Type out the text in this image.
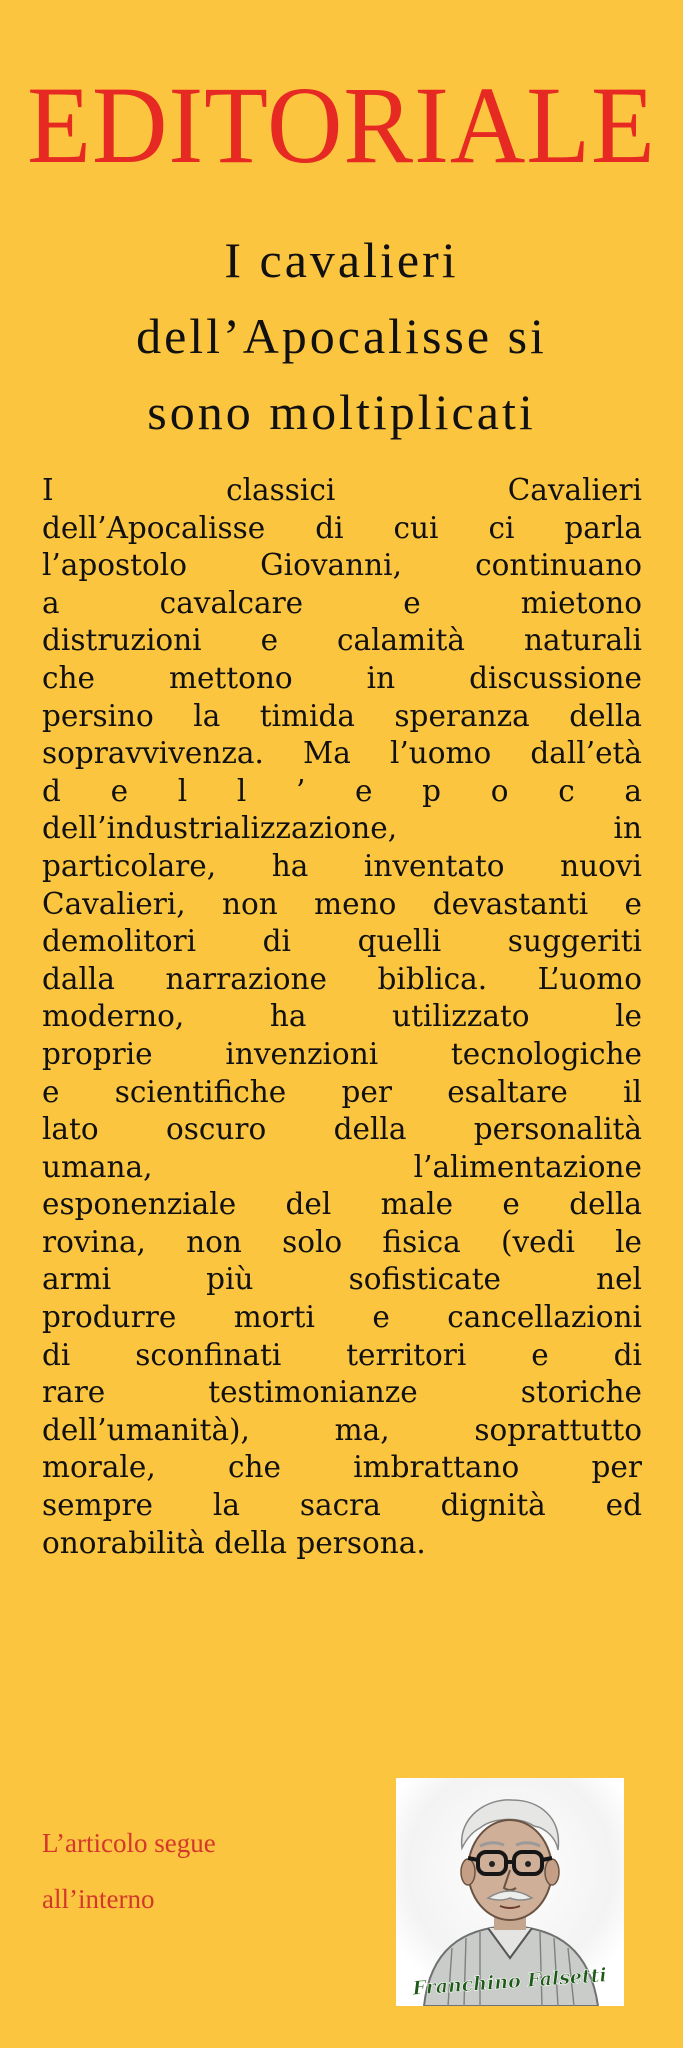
EDITORIALE
I cavalieri
dell’Apocalisse si
sono moltiplicati
I classici Cavalieri
dell’Apocalisse di cui ci parla
l’apostolo Giovanni, continuano
a cavalcare e mietono
distruzioni e calamità naturali
che mettono in discussione
persino la timida speranza della
sopravvivenza. Ma l’uomo dall’età
d e l l ’ e p o c a
dell’industrializzazione, in
particolare, ha inventato nuovi
Cavalieri, non meno devastanti e
demolitori di quelli suggeriti
dalla narrazione biblica. L’uomo
moderno, ha utilizzato le
proprie invenzioni tecnologiche
e scientifiche per esaltare il
lato oscuro della personalità
umana, l’alimentazione
esponenziale del male e della
rovina, non solo fisica (vedi le
armi più sofisticate nel
produrre morti e cancellazioni
di sconfinati territori e di
rare testimonianze storiche
dell’umanità), ma, soprattutto
morale, che imbrattano per
sempre la sacra dignità ed
onorabilità della persona.
L’articolo segue
all’interno
Franchino Falsetti
